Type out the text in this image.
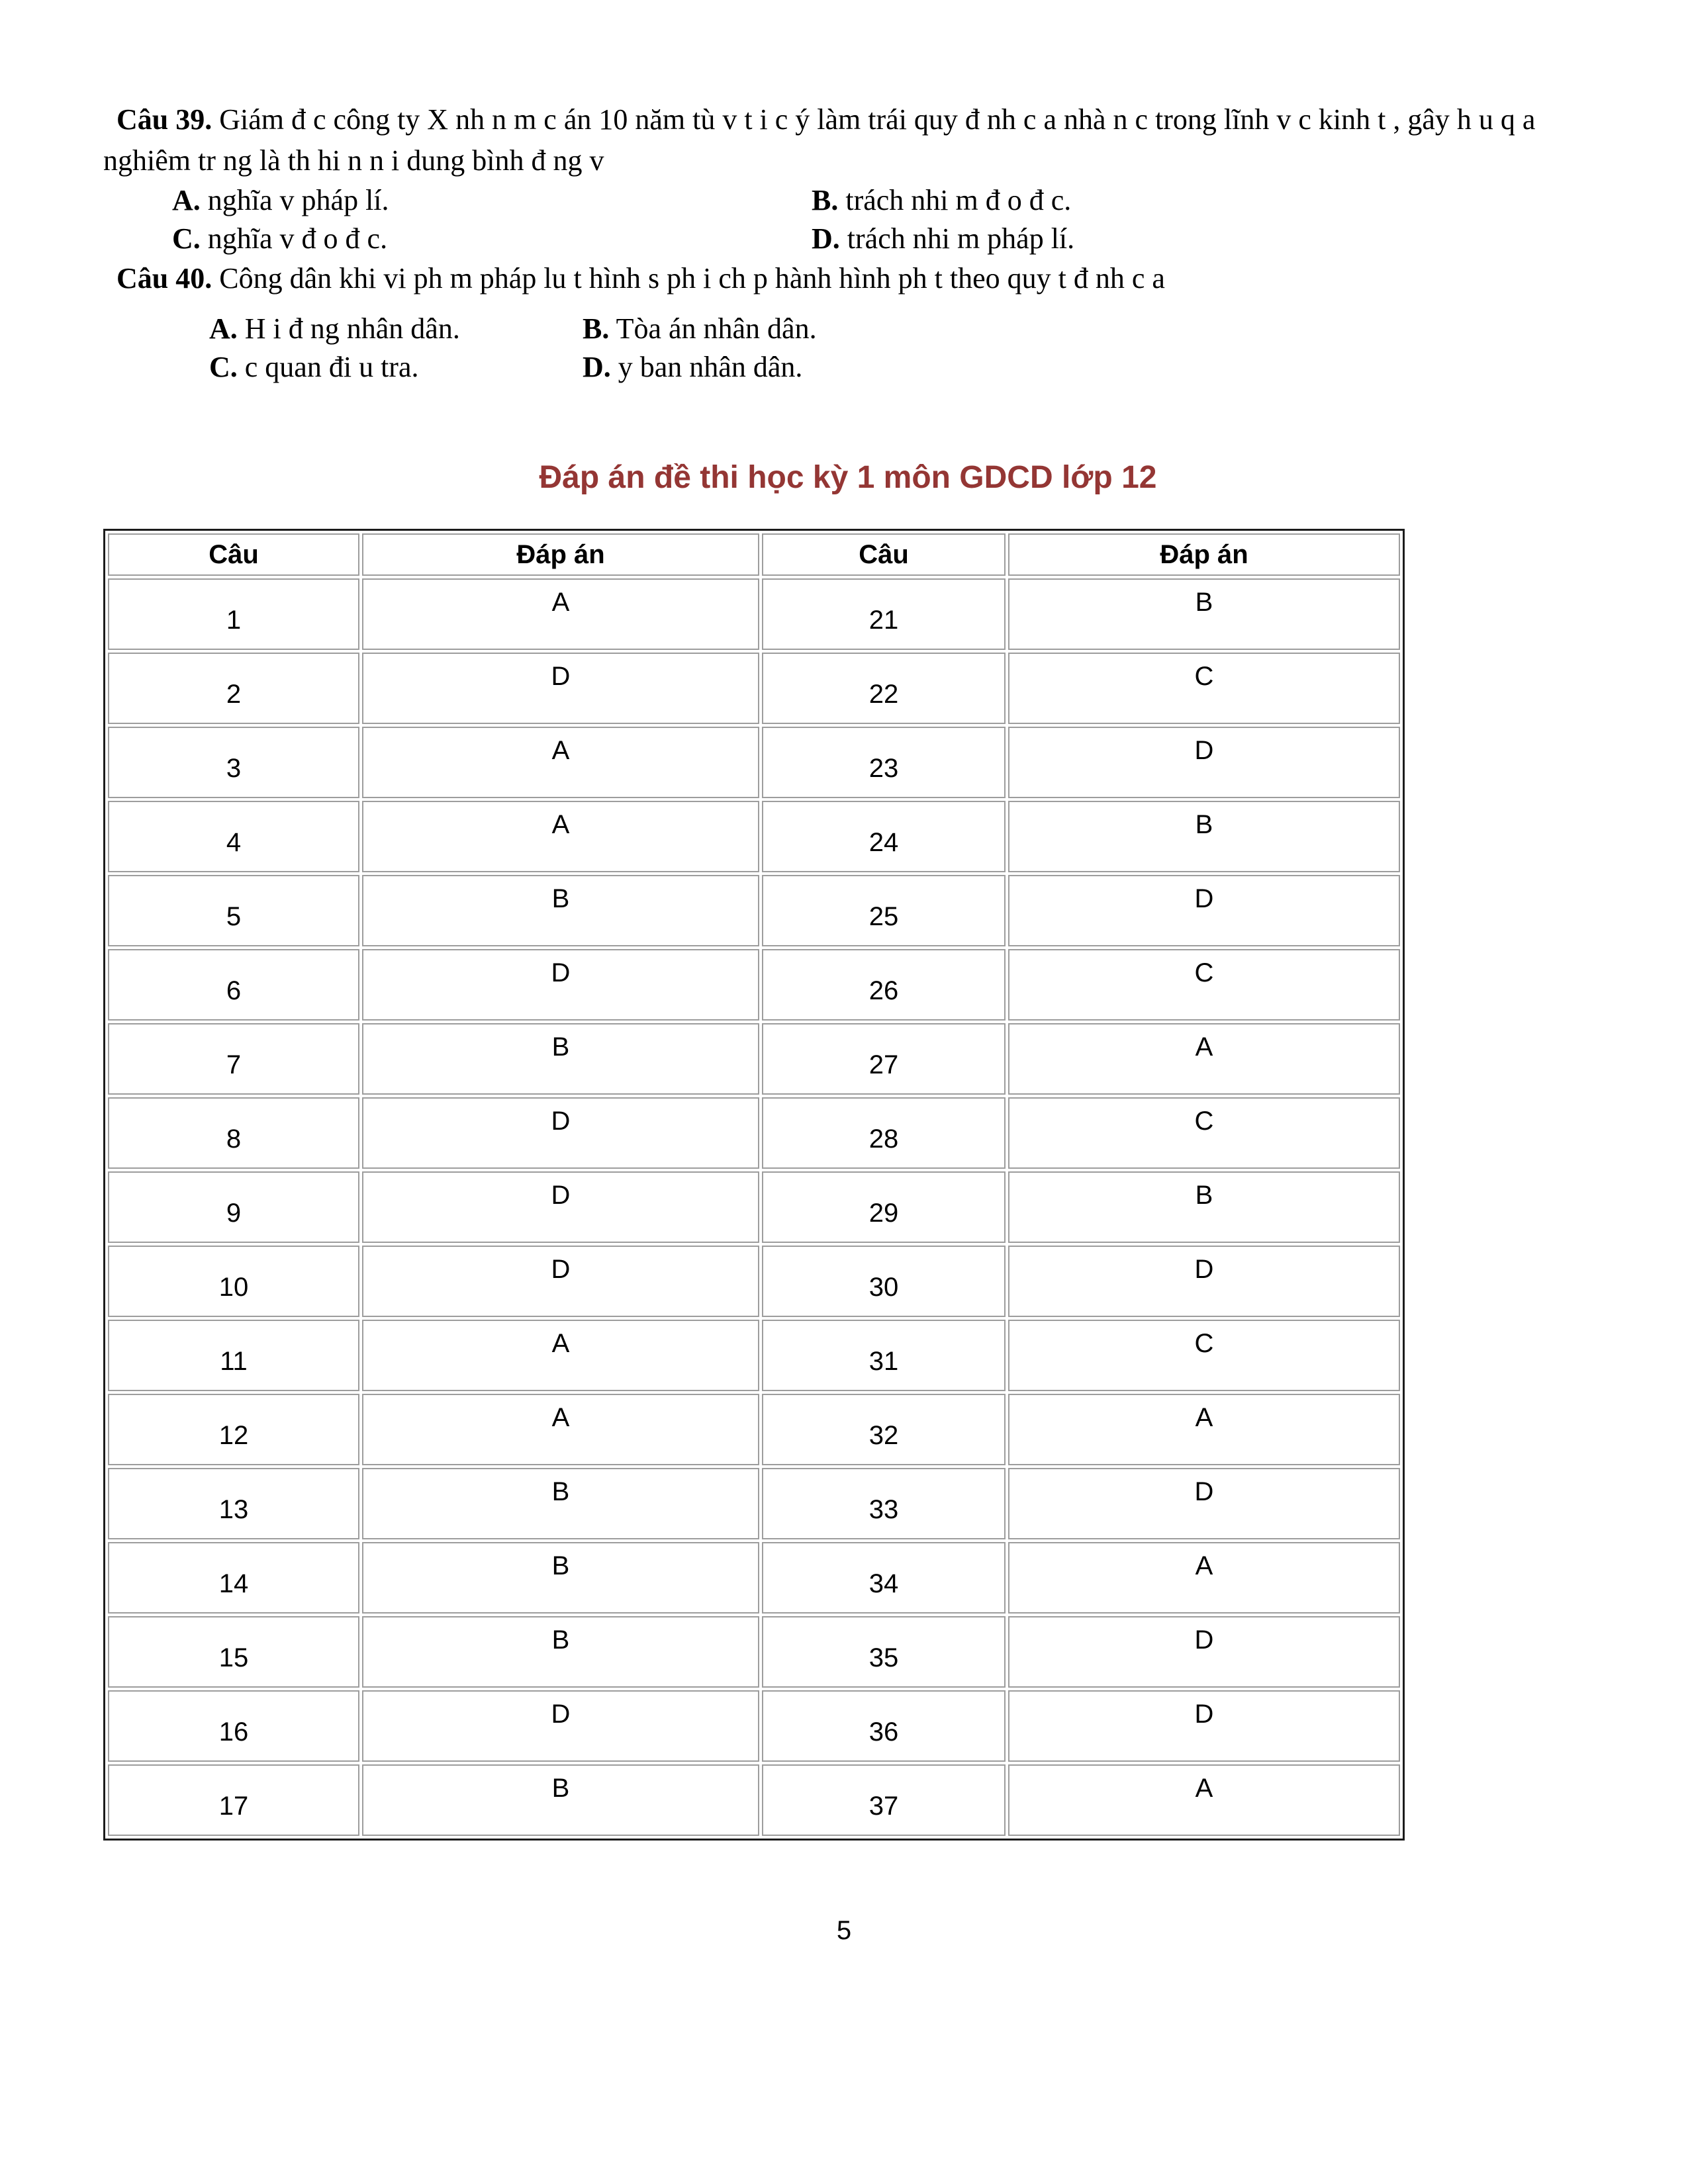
Câu 39. Giám đ c công ty X nh n m c án 10 năm tù v t i c ý làm trái quy đ nh c a nhà n c trong lĩnh v c kinh t , gây h u q a nghiêm tr ng là th hi n n i dung bình đ ng v

A. nghĩa v pháp lí.	B. trách nhi m đ o đ c.
C. nghĩa v đ o đ c.	D. trách nhi m pháp lí.

Câu 40. Công dân khi vi ph m pháp lu t hình s ph i ch p hành hình ph t theo quy t đ nh c a

A. H i đ ng nhân dân.	B. Tòa án nhân dân.
C. c quan đi u tra.	D. y ban nhân dân.
Đáp án đề thi học kỳ 1 môn GDCD lớp 12
Câu	Đáp án	Câu	Đáp án
1	A	21	B
2	D	22	C
3	A	23	D
4	A	24	B
5	B	25	D
6	D	26	C
7	B	27	A
8	D	28	C
9	D	29	B
10	D	30	D
11	A	31	C
12	A	32	A
13	B	33	D
14	B	34	A
15	B	35	D
16	D	36	D
17	B	37	A
5
